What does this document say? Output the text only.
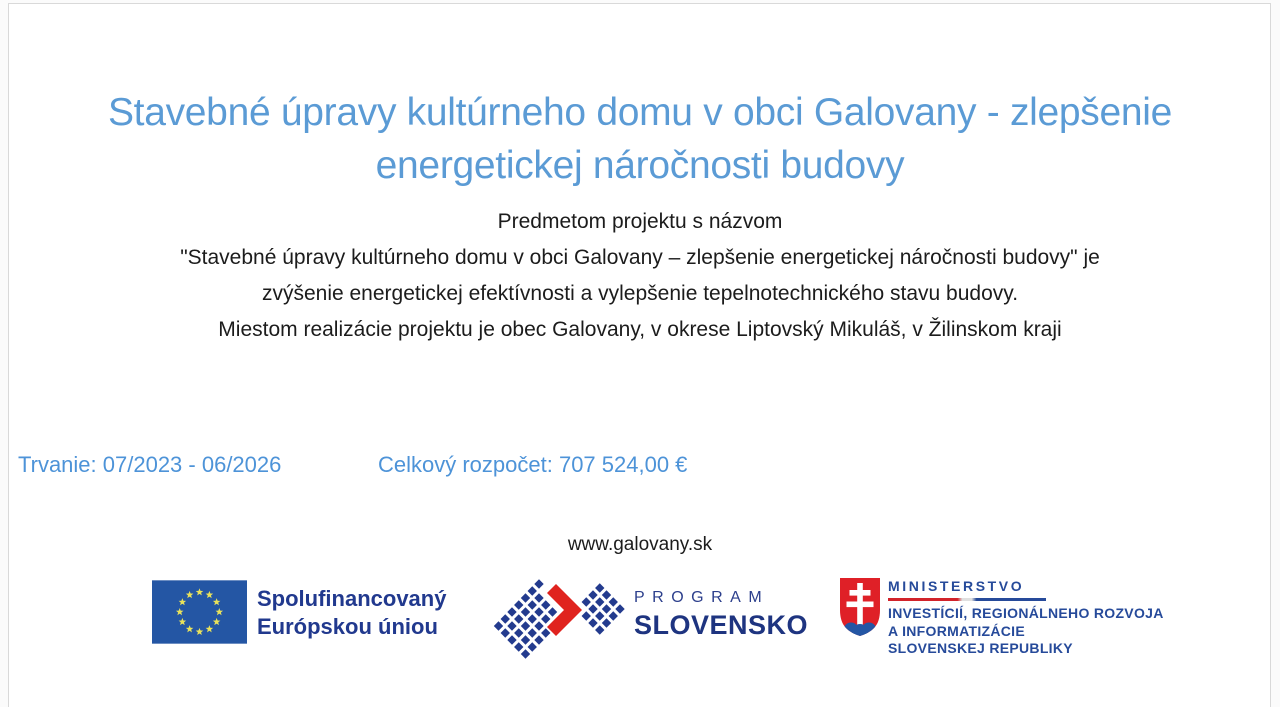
Stavebné úpravy kultúrneho domu v obci Galovany - zlepšenie
energetickej náročnosti budovy
Predmetom projektu s názvom
"Stavebné úpravy kultúrneho domu v obci Galovany – zlepšenie energetickej náročnosti budovy" je
zvýšenie energetickej efektívnosti a vylepšenie tepelnotechnického stavu budovy.
Miestom realizácie projektu je obec Galovany, v okrese Liptovský Mikuláš, v Žilinskom kraji
Trvanie: 07/2023 - 06/2026	Celkový rozpočet: 707 524,00 €
www.galovany.sk
Spolufinancovaný
Európskou úniou
PROGRAM
SLOVENSKO
MINISTERSTVO
INVESTÍCIÍ, REGIONÁLNEHO ROZVOJA
A INFORMATIZÁCIE
SLOVENSKEJ REPUBLIKY
